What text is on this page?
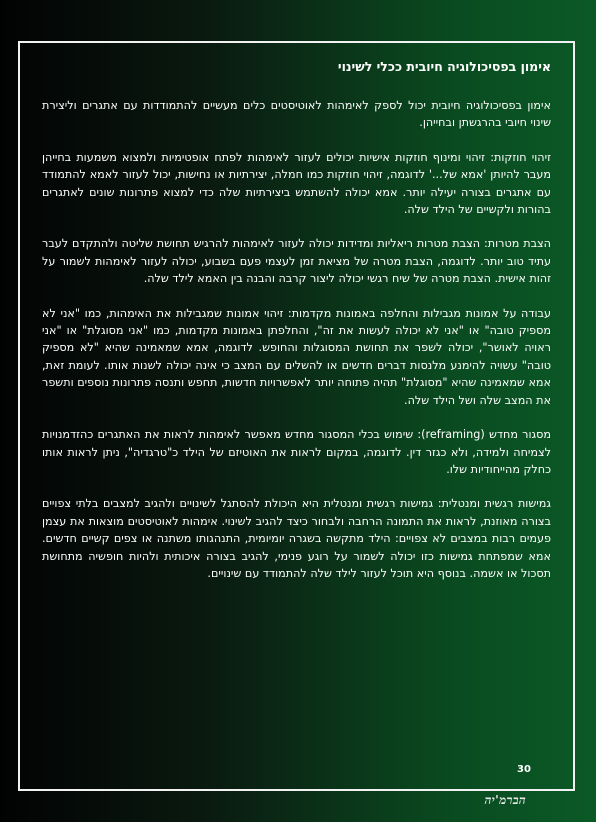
אימון בפסיכולוגיה חיובית ככלי לשינוי

אימון בפסיכולוגיה חיובית יכול לספק לאימהות לאוטיסטים כלים מעשיים להתמודדות עם אתגרים וליצירת שינוי חיובי בהרגשתן ובחייהן.

זיהוי חוזקות: זיהוי ומינוף חוזקות אישיות יכולים לעזור לאימהות לפתח אופטימיות ולמצוא משמעות בחייהן מעבר להיותן 'אמא של...' לדוגמה, זיהוי חוזקות כמו חמלה, יצירתיות או נחישות, יכול לעזור לאמא להתמודד עם אתגרים בצורה יעילה יותר. אמא יכולה להשתמש ביצירתיות שלה כדי למצוא פתרונות שונים לאתגרים בהורות ולקשיים של הילד שלה.

הצבת מטרות: הצבת מטרות ריאליות ומדידות יכולה לעזור לאימהות להרגיש תחושת שליטה ולהתקדם לעבר עתיד טוב יותר. לדוגמה, הצבת מטרה של מציאת זמן לעצמי פעם בשבוע, יכולה לעזור לאימהות לשמור על זהות אישית. הצבת מטרה של שיח רגשי יכולה ליצור קרבה והבנה בין האמא לילד שלה.

עבודה על אמונות מגבילות והחלפה באמונות מקדמות: זיהוי אמונות שמגבילות את האימהות, כמו "אני לא מספיק טובה" או "אני לא יכולה לעשות את זה", והחלפתן באמונות מקדמות, כמו "אני מסוגלת" או "אני ראויה לאושר", יכולה לשפר את תחושת המסוגלות והחופש. לדוגמה, אמא שמאמינה שהיא "לא מספיק טובה" עשויה להימנע מלנסות דברים חדשים או להשלים עם המצב כי אינה יכולה לשנות אותו. לעומת זאת, אמא שמאמינה שהיא "מסוגלת" תהיה פתוחה יותר לאפשרויות חדשות, תחפש ותנסה פתרונות נוספים ותשפר את המצב שלה ושל הילד שלה.

מסגור מחדש (reframing): שימוש בכלי המסגור מחדש מאפשר לאימהות לראות את האתגרים כהזדמנויות לצמיחה ולמידה, ולא כגזר דין. לדוגמה, במקום לראות את האוטיזם של הילד כ"טרגדיה", ניתן לראות אותו כחלק מהייחודיות שלו.

גמישות רגשית ומנטלית: גמישות רגשית ומנטלית היא היכולת להסתגל לשינויים ולהגיב למצבים בלתי צפויים בצורה מאוזנת, לראות את התמונה הרחבה ולבחור כיצד להגיב לשינוי. אימהות לאוטיסטים מוצאות את עצמן פעמים רבות במצבים לא צפויים: הילד מתקשה בשגרה יומיומית, התנהגותו משתנה או צפים קשיים חדשים. אמא שמפתחת גמישות כזו יכולה לשמור על רוגע פנימי, להגיב בצורה איכותית ולהיות חופשיה מתחושת תסכול או אשמה. בנוסף היא תוכל לעזור לילד שלה להתמודד עם שינויים.

30
הברמ'יה
